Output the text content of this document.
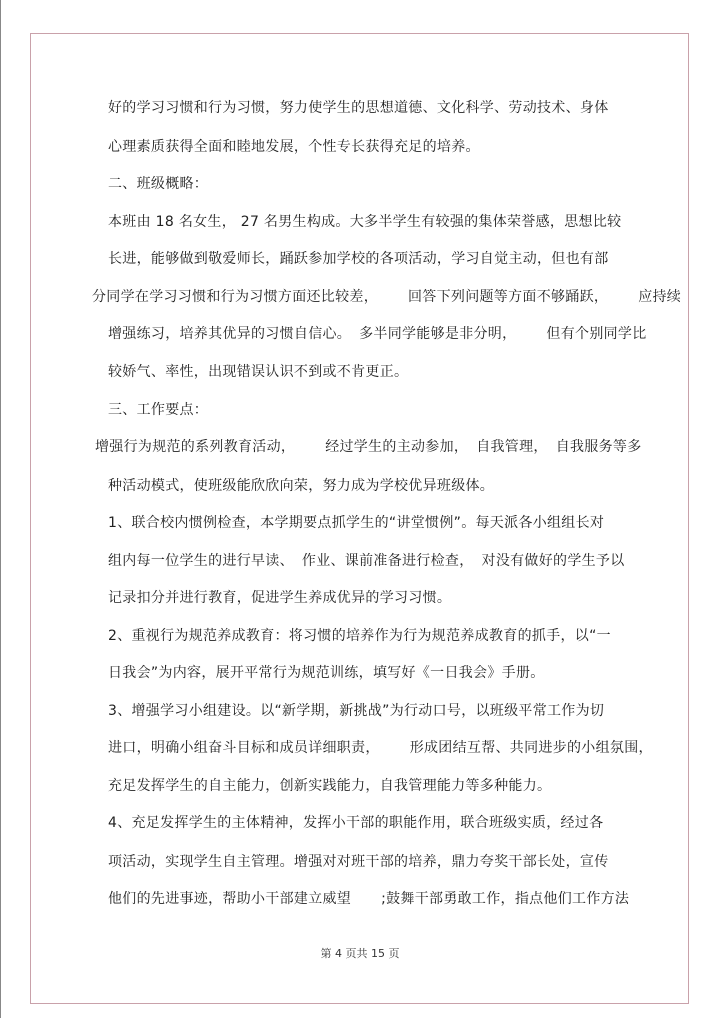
好的学习习惯和行为习惯，努力使学生的思想道德、文化科学、劳动技术、身体
心理素质获得全面和睦地发展，个性专长获得充足的培养。
二、班级概略：
本班由 18 名女生， 27 名男生构成。大多半学生有较强的集体荣誉感，思想比较
长进，能够做到敬爱师长，踊跃参加学校的各项活动，学习自觉主动，但也有部
分同学在学习习惯和行为习惯方面还比较差， 回答下列问题等方面不够踊跃， 应持续
增强练习，培养其优异的习惯自信心。 多半同学能够是非分明， 但有个别同学比
较娇气、率性，出现错误认识不到或不肯更正。
三、工作要点：
增强行为规范的系列教育活动， 经过学生的主动参加， 自我管理， 自我服务等多
种活动模式，使班级能欣欣向荣，努力成为学校优异班级体。
1、联合校内惯例检查，本学期要点抓学生的“讲堂惯例”。每天派各小组组长对
组内每一位学生的进行早读、 作业、课前准备进行检查， 对没有做好的学生予以
记录扣分并进行教育，促进学生养成优异的学习习惯。
2、重视行为规范养成教育：将习惯的培养作为行为规范养成教育的抓手，以“一
日我会”为内容，展开平常行为规范训练，填写好《一日我会》手册。
3、增强学习小组建设。以“新学期，新挑战”为行动口号，以班级平常工作为切
进口，明确小组奋斗目标和成员详细职责， 形成团结互帮、共同进步的小组氛围，
充足发挥学生的自主能力，创新实践能力，自我管理能力等多种能力。
4、充足发挥学生的主体精神，发挥小干部的职能作用，联合班级实质，经过各
项活动，实现学生自主管理。增强对对班干部的培养，鼎力夸奖干部长处，宣传
他们的先进事迹，帮助小干部建立威望 ;鼓舞干部勇敢工作，指点他们工作方法
第 4 页共 15 页
